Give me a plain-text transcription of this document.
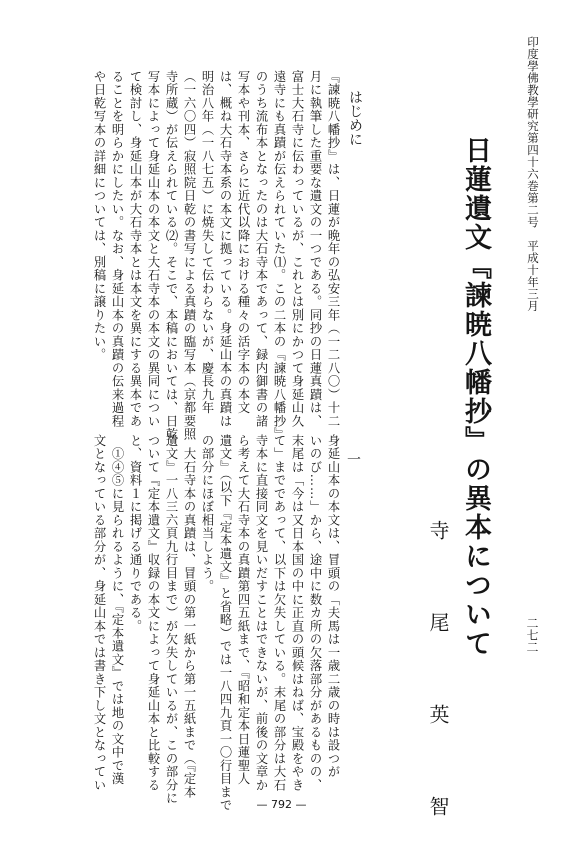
印度學佛教學研究第四十六巻第二号　平成十年三月
二七二
日蓮遺文『諫暁八幡抄』の異本について
寺　尾　英　智
はじめに
『諫暁八幡抄』は、日蓮が晩年の弘安三年（一二八〇）十二
月に執筆した重要な遺文の一つである。同抄の日蓮真蹟は、
富士大石寺に伝わっているが、これとは別にかつて身延山久
遠寺にも真蹟が伝えられていた⑴。この二本の『諫暁八幡抄』
のうち流布本となったのは大石寺本であって、録内御書の諸
写本や刊本、さらに近代以降における種々の活字本の本文
は、概ね大石寺本系の本文に拠っている。身延山本の真蹟は
明治八年（一八七五）に焼失して伝わらないが、慶長九年
（一六〇四）寂照院日乾の書写による真蹟の臨写本（京都要照
寺所蔵）が伝えられている⑵。そこで、本稿においては、日乾
写本によって身延山本の本文と大石寺本の本文の異同につい
て検討し、身延山本が大石寺本とは本文を異にする異本であ
ることを明らかにしたい。なお、身延山本の真蹟の伝来過程
や日乾写本の詳細については、別稿に譲りたい。
一
身延山本の本文は、冒頭の「夫馬は一歳二歳の時は設つが
いのび……」から、途中に数カ所の欠落部分があるものの、
末尾は「今は又日本国の中に正直の頭候はねば、宝殿をやき
て」までであって、以下は欠失している。末尾の部分は大石
寺本に直接同文を見いだすことはできないが、前後の文章か
ら考えて大石寺本の真蹟第四五紙まで、『昭和定本日蓮聖人
遺文』（以下『定本遺文』と省略）では一八四九頁一〇行目まで
の部分にほぼ相当しよう。
　大石寺本の真蹟は、冒頭の第一紙から第一五紙まで（『定本
遺文』一八三六頁九行目まで）が欠失しているが、この部分に
ついて『定本遺文』収録の本文によって身延山本と比較する
と、資料１に掲げる通りである。
　①④⑤に見られるように、『定本遺文』では地の文中で漢
文となっている部分が、身延山本では書き下し文となってい
— 792 —
